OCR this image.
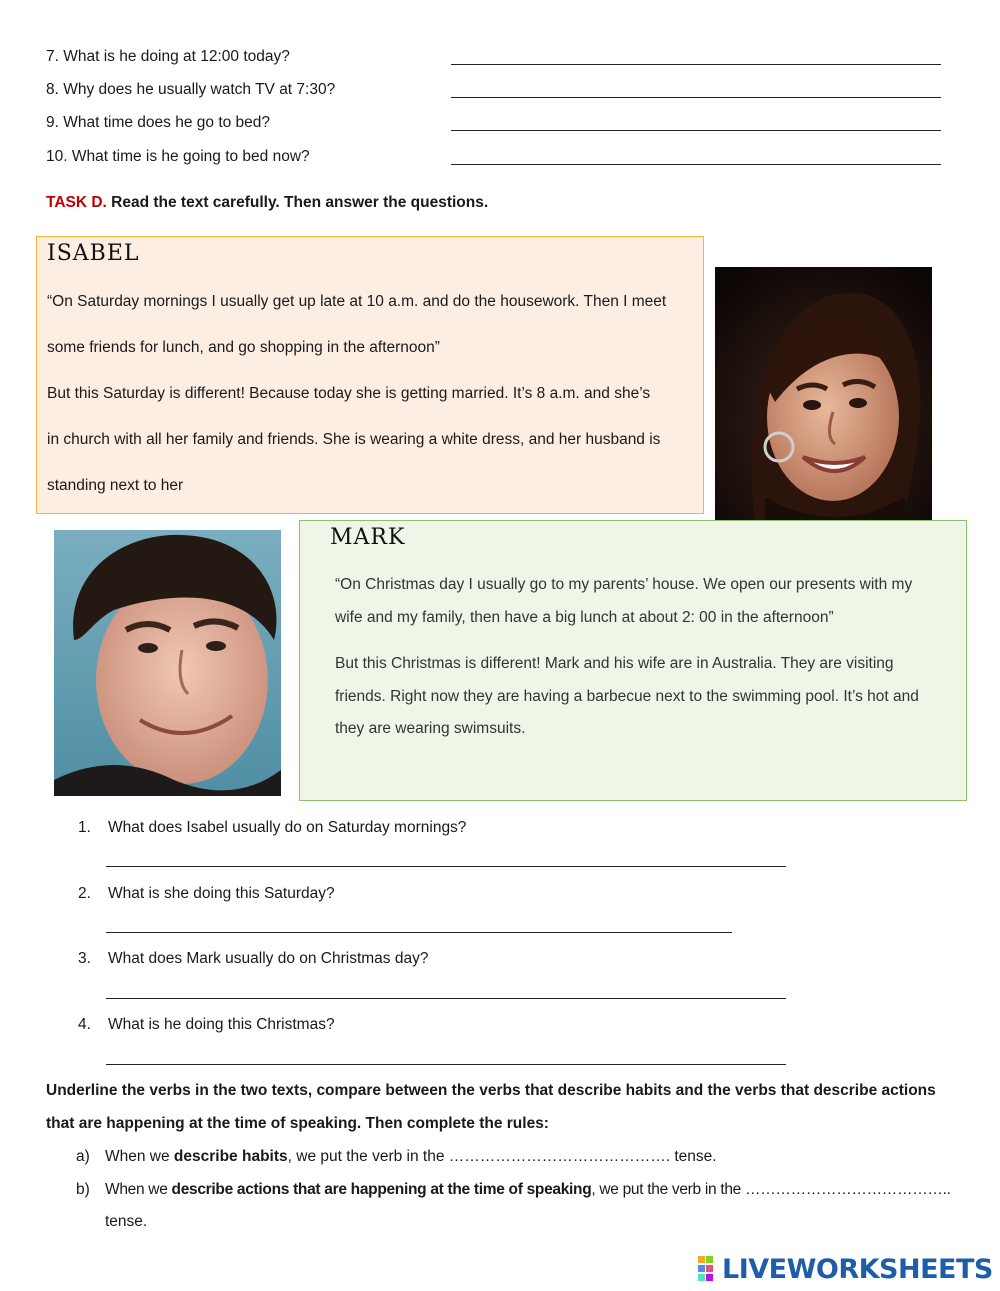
7. What is he doing at 12:00 today?
8. Why does he usually watch TV at 7:30?
9. What time does he go to bed?
10. What time is he going to bed now?
TASK D. Read the text carefully. Then answer the questions.
ISABEL
“On Saturday mornings I usually get up late at 10 a.m. and do the housework. Then I meet
some friends for lunch, and go shopping in the afternoon”
But this Saturday is different! Because today she is getting married. It’s 8 a.m. and she’s
in church with all her family and friends. She is wearing a white dress, and her husband is
standing next to her
MARK
“On Christmas day I usually go to my parents’ house. We open our presents with my
wife and my family, then have a big lunch at about 2: 00 in the afternoon”
But this Christmas is different! Mark and his wife are in Australia. They are visiting
friends. Right now they are having a barbecue next to the swimming pool. It’s hot and
they are wearing swimsuits.
1. What does Isabel usually do on Saturday mornings?
2. What is she doing this Saturday?
3. What does Mark usually do on Christmas day?
4. What is he doing this Christmas?
Underline the verbs in the two texts, compare between the verbs that describe habits and the verbs that describe actions
that are happening at the time of speaking. Then complete the rules:
a) When we describe habits, we put the verb in the ……………………………………. tense.
b) When we describe actions that are happening at the time of speaking, we put the verb in the …………………………………..
tense.
LIVEWORKSHEETS
